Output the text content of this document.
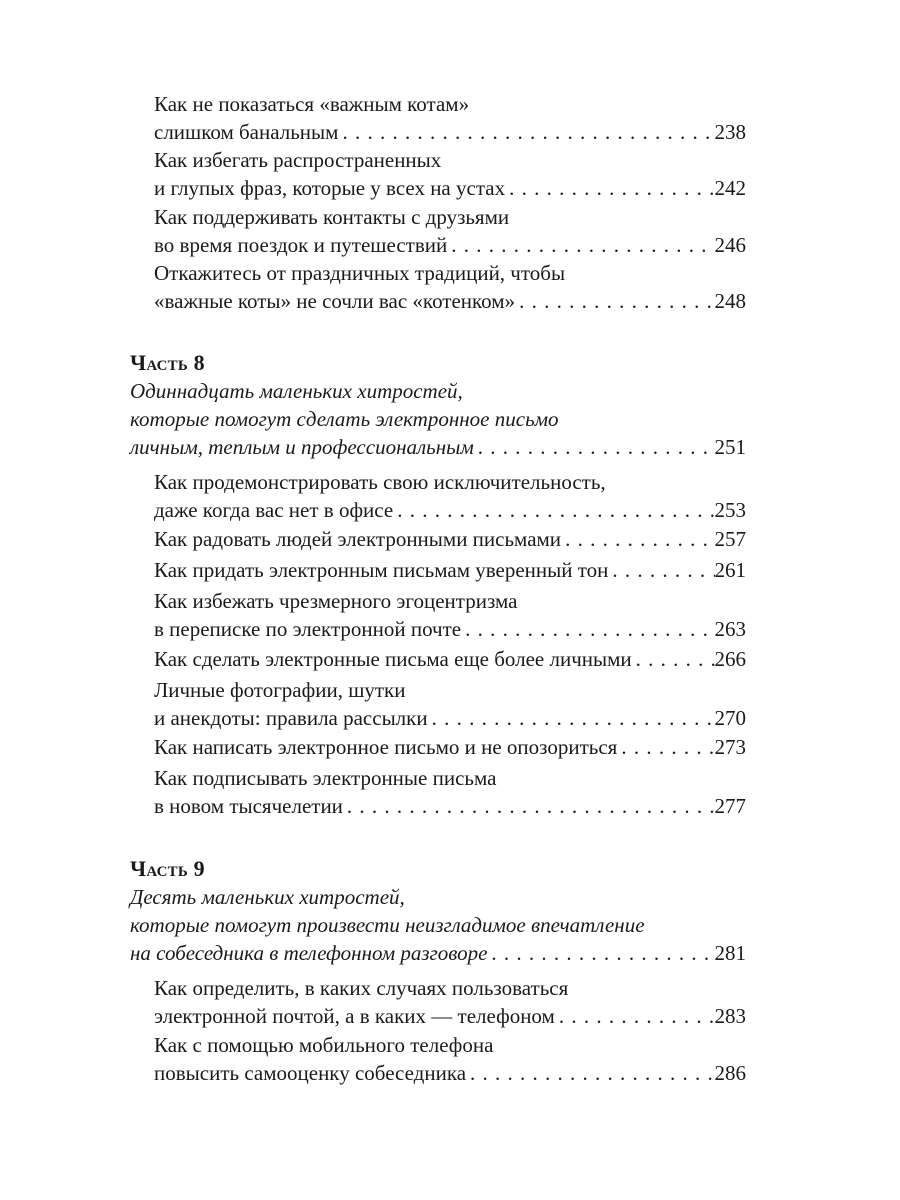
Как не показаться «важным котам»
слишком банальным . . .	238
Как избегать распространенных
и глупых фраз, которые у всех на устах . . .	242
Как поддерживать контакты с друзьями
во время поездок и путешествий . . .	246
Откажитесь от праздничных традиций, чтобы
«важные коты» не сочли вас «котенком» . . .	248
Часть 8
Одиннадцать маленьких хитростей,
которые помогут сделать электронное письмо
личным, теплым и профессиональным . . .	251
Как продемонстрировать свою исключительность,
даже когда вас нет в офисе . . .	253
Как радовать людей электронными письмами . . .	257
Как придать электронным письмам уверенный тон . . .	261
Как избежать чрезмерного эгоцентризма
в переписке по электронной почте . . .	263
Как сделать электронные письма еще более личными . . .	266
Личные фотографии, шутки
и анекдоты: правила рассылки . . .	270
Как написать электронное письмо и не опозориться . . .	273
Как подписывать электронные письма
в новом тысячелетии . . .	277
Часть 9
Десять маленьких хитростей,
которые помогут произвести неизгладимое впечатление
на собеседника в телефонном разговоре . . .	281
Как определить, в каких случаях пользоваться
электронной почтой, а в каких — телефоном . . .	283
Как с помощью мобильного телефона
повысить самооценку собеседника . . .	286
